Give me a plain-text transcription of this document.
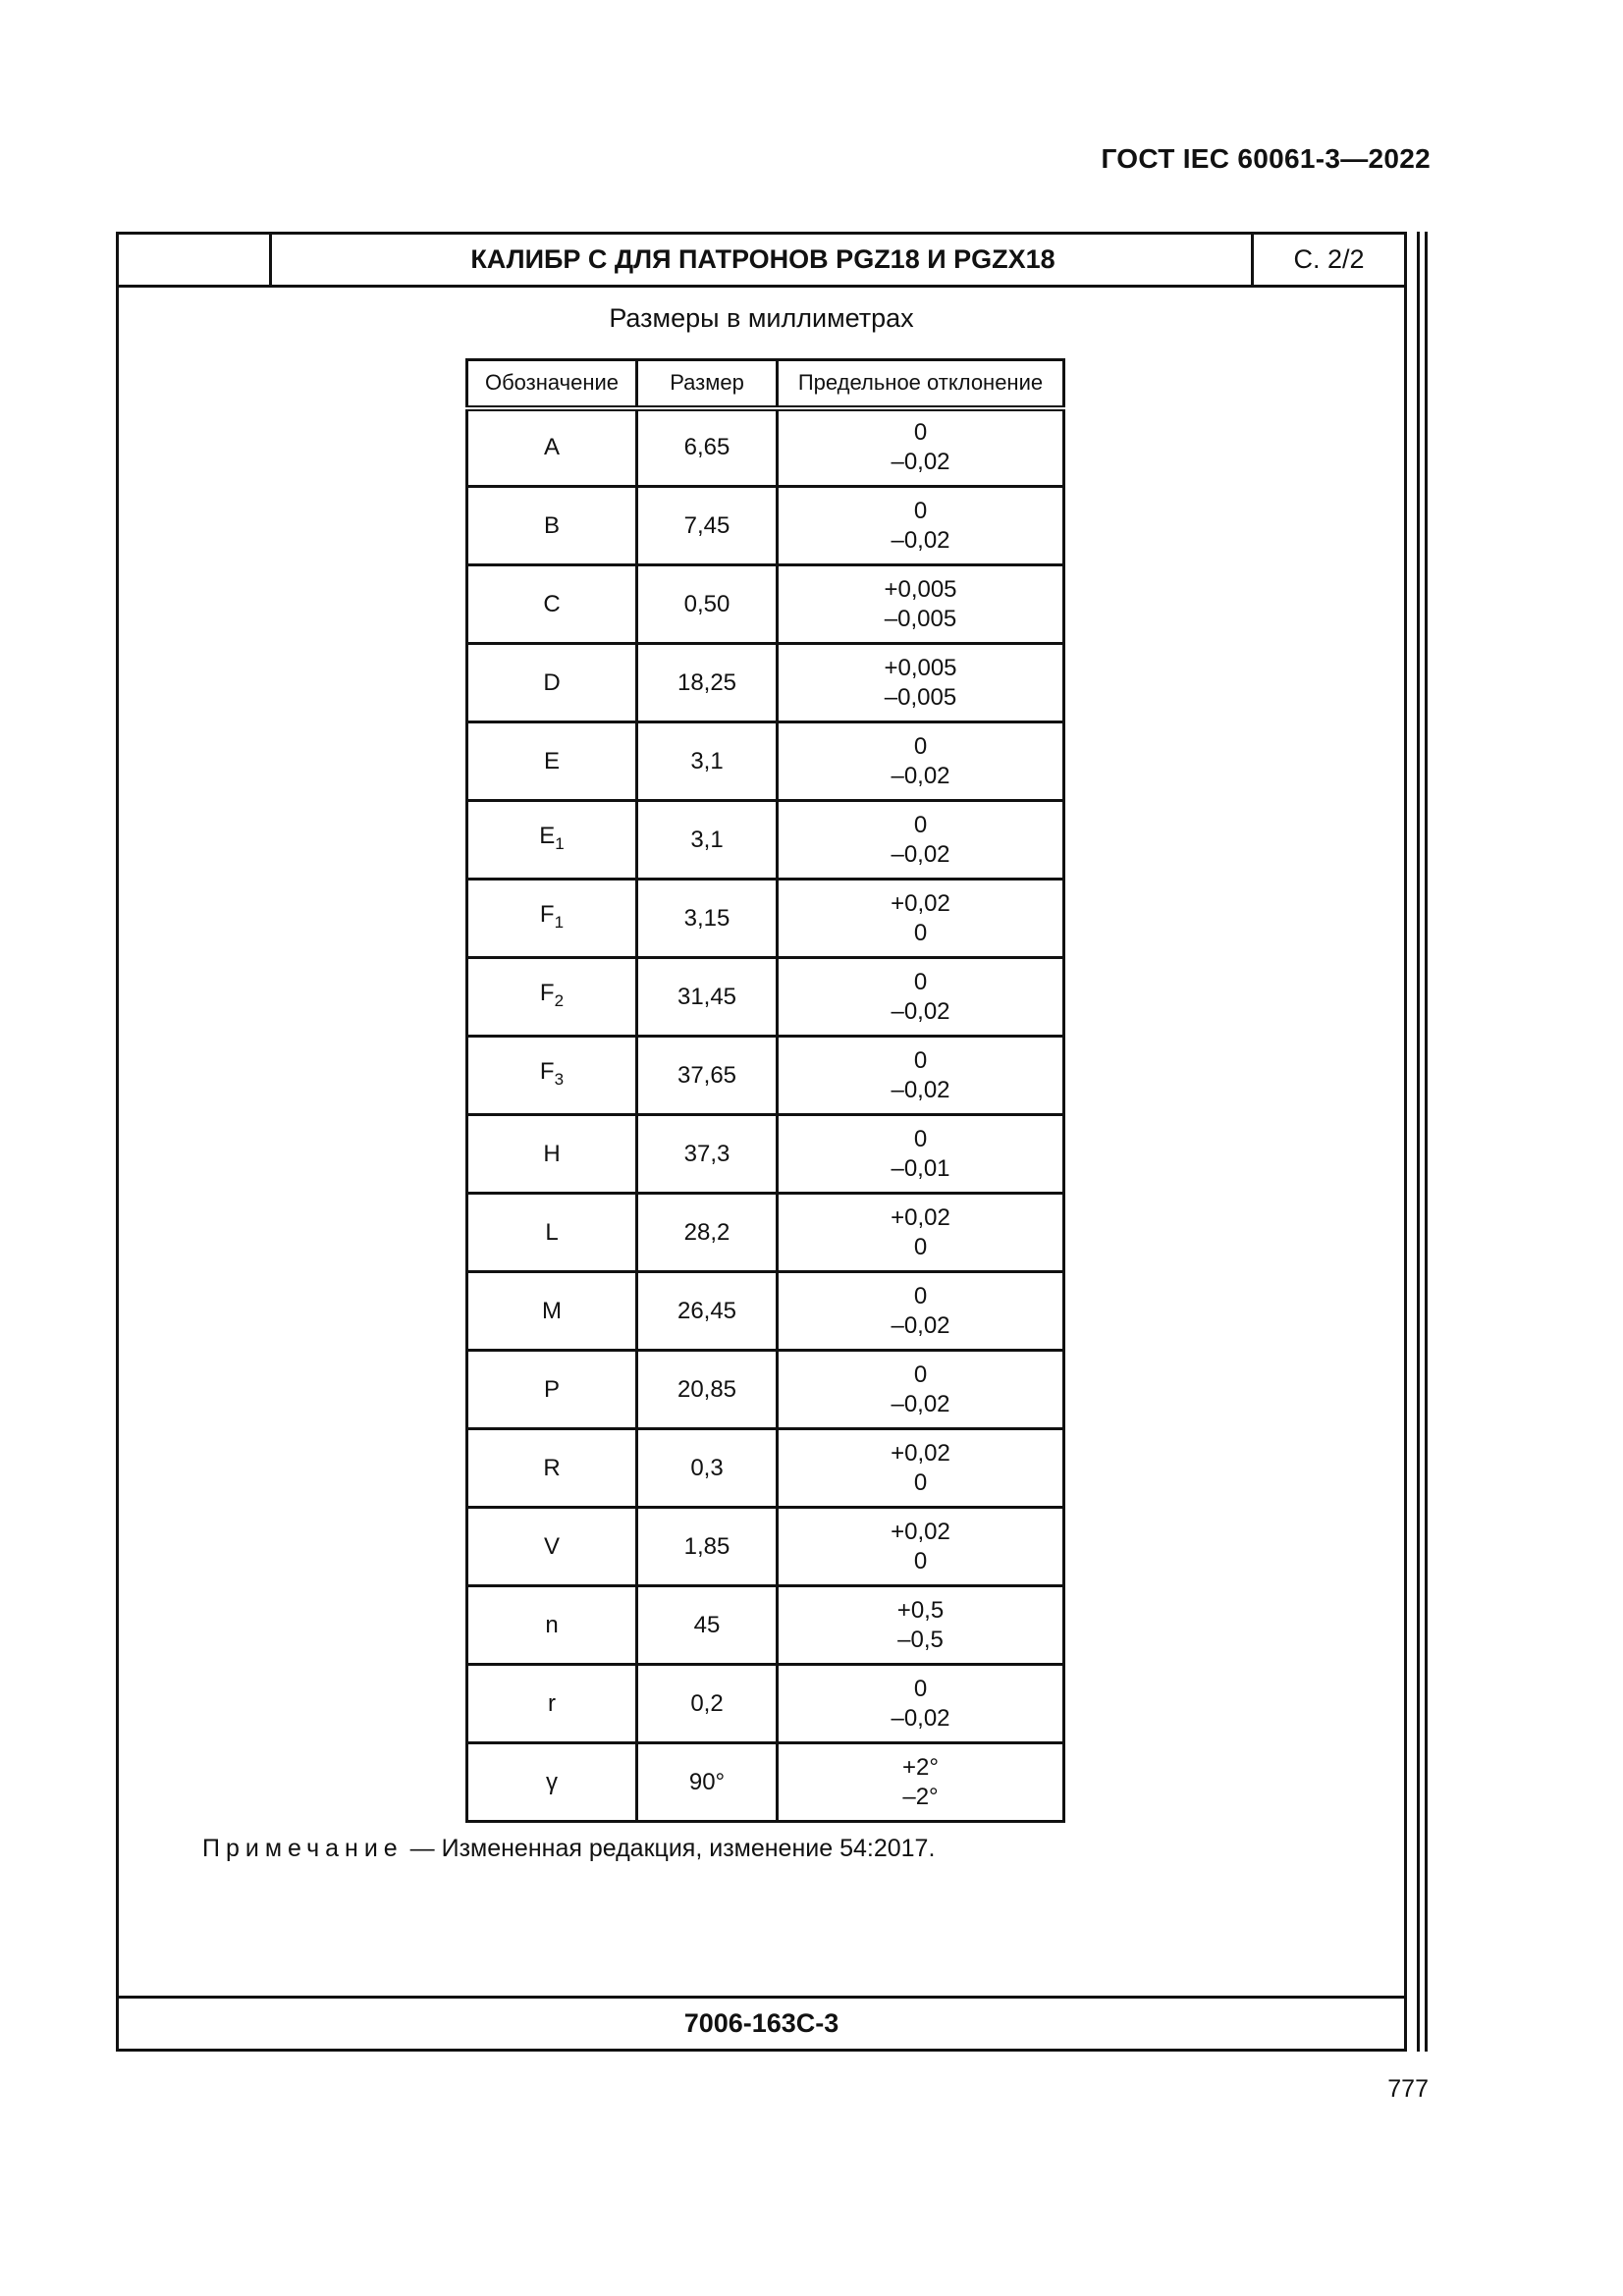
ГОСТ IEC 60061-3—2022
КАЛИБР С ДЛЯ ПАТРОНОВ PGZ18 И PGZX18	С. 2/2
Размеры в миллиметрах
Обозначение	Размер	Предельное отклонение
A	6,65	0
–0,02

B	7,45	0
–0,02

C	0,50	+0,005
–0,005

D	18,25	+0,005
–0,005

E	3,1	0
–0,02

$E_1$	3,1	0
–0,02

$F_1$	3,15	+0,02
0

$F_2$	31,45	0
–0,02

$F_3$	37,65	0
–0,02

H	37,3	0
–0,01

L	28,2	+0,02
0

M	26,45	0
–0,02

P	20,85	0
–0,02

R	0,3	+0,02
0

V	1,85	+0,02
0

n	45	+0,5
–0,5

r	0,2	0
–0,02

γ	90°	+2°
–2°
Примечание — Измененная редакция, изменение 54:2017.
7006-163С-3
777
